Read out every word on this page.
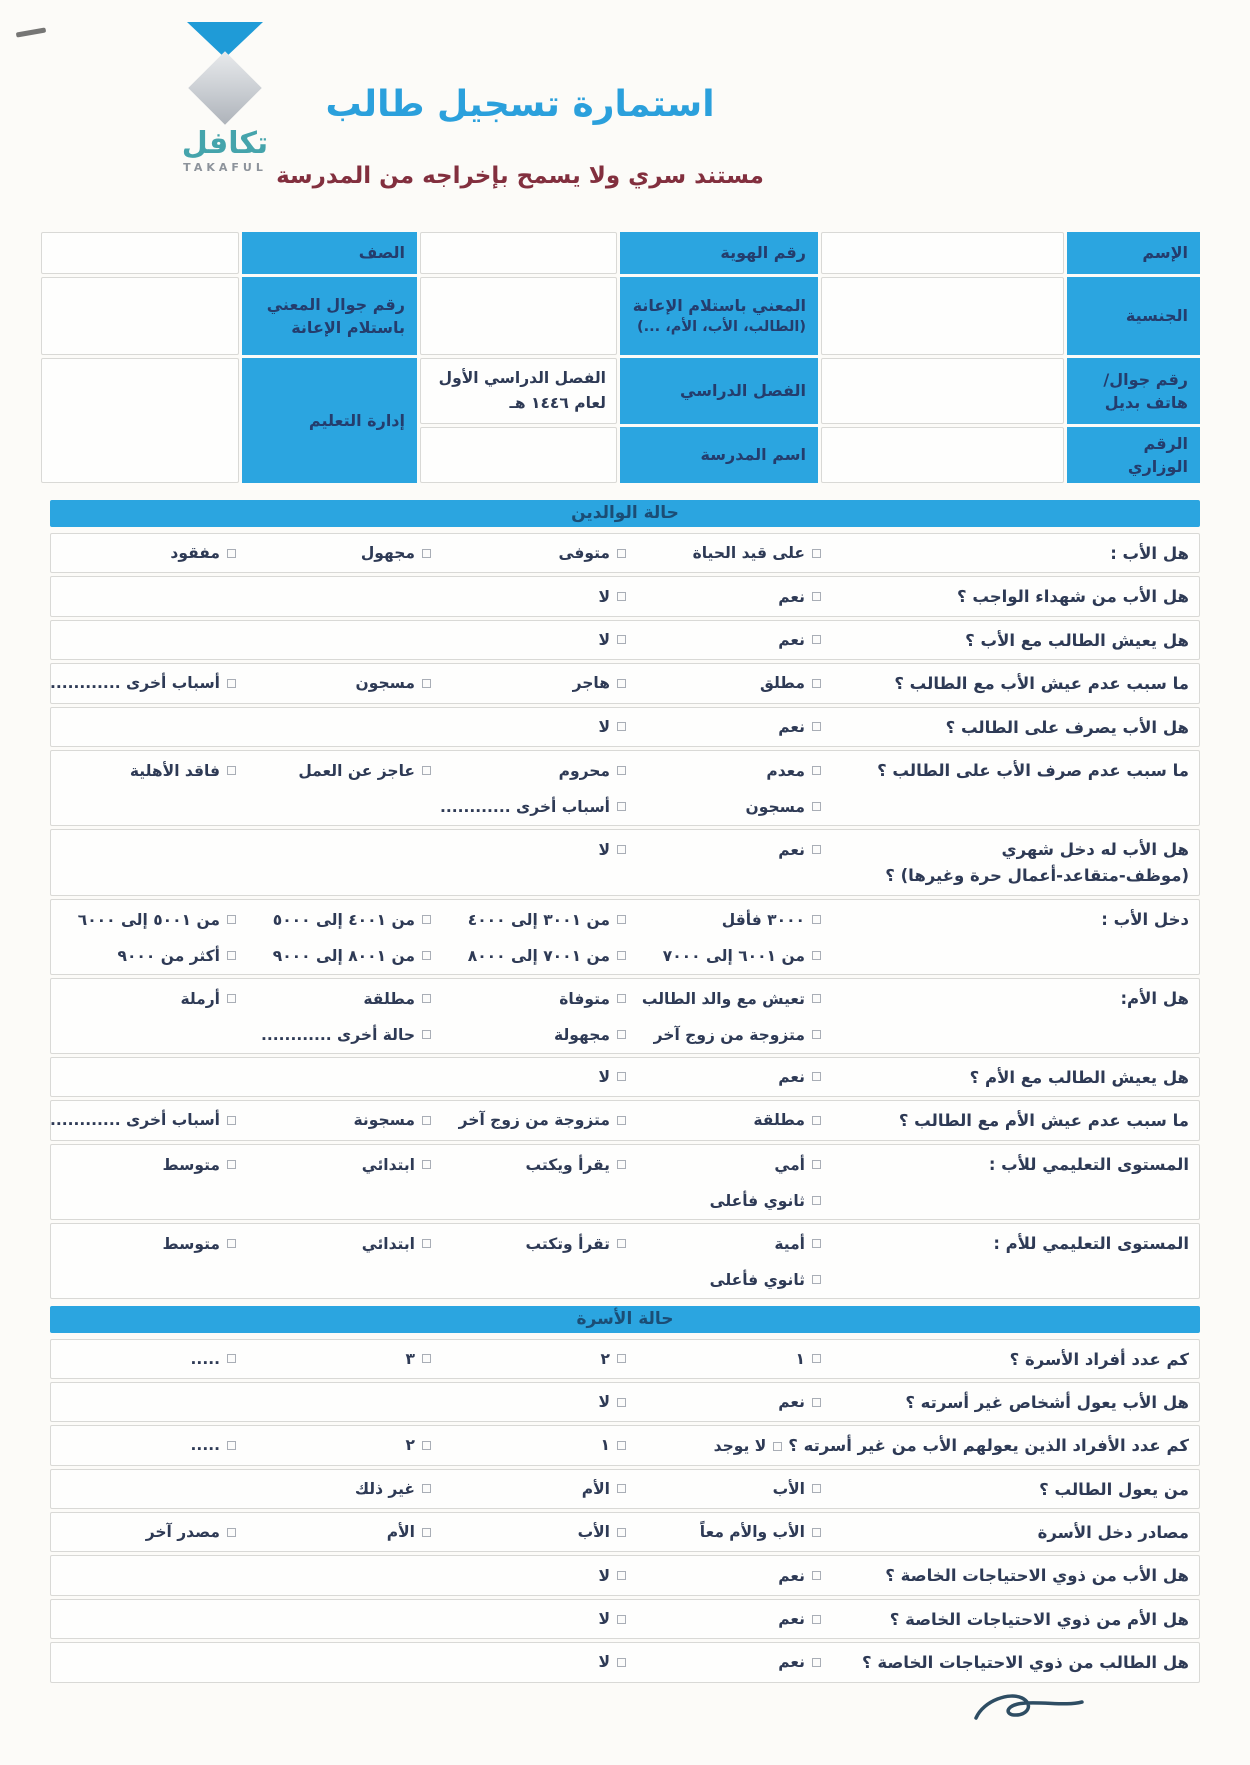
استمارة تسجيل طالب
مستند سري ولا يسمح بإخراجه من المدرسة
تكافل
TAKAFUL
الإسم
رقم الهوية
الصف
الجنسية
المعني باستلام الإعانة
(الطالب، الأب، الأم، ...)
رقم جوال المعني باستلام الإعانة
رقم جوال/هاتف بديل
الفصل الدراسي
الفصل الدراسي الأول لعام ١٤٤٦ هـ
إدارة التعليم
الرقم الوزاري
اسم المدرسة
حالة الوالدين
هل الأب :
على قيد الحياة
متوفى
مجهول
مفقود
هل الأب من شهداء الواجب ؟
نعم
لا
هل يعيش الطالب مع الأب ؟
نعم
لا
ما سبب عدم عيش الأب مع الطالب ؟
مطلق
هاجر
مسجون
أسباب أخرى ............
هل الأب يصرف على الطالب ؟
نعم
لا
ما سبب عدم صرف الأب على الطالب ؟
معدم
محروم
عاجز عن العمل
فاقد الأهلية
مسجون
أسباب أخرى ............
هل الأب له دخل شهري
(موظف-متقاعد-أعمال حرة وغيرها) ؟
نعم
لا
دخل الأب :
٣٠٠٠ فأقل
من ٣٠٠١ إلى ٤٠٠٠
من ٤٠٠١ إلى ٥٠٠٠
من ٥٠٠١ إلى ٦٠٠٠
من ٦٠٠١ إلى ٧٠٠٠
من ٧٠٠١ إلى ٨٠٠٠
من ٨٠٠١ إلى ٩٠٠٠
أكثر من ٩٠٠٠
هل الأم:
تعيش مع والد الطالب
متوفاة
مطلقة
أرملة
متزوجة من زوج آخر
مجهولة
حالة أخرى ............
هل يعيش الطالب مع الأم ؟
نعم
لا
ما سبب عدم عيش الأم مع الطالب ؟
مطلقة
متزوجة من زوج آخر
مسجونة
أسباب أخرى ............
المستوى التعليمي للأب :
أمي
يقرأ ويكتب
ابتدائي
متوسط
ثانوي فأعلى
المستوى التعليمي للأم :
أمية
تقرأ وتكتب
ابتدائي
متوسط
ثانوي فأعلى
حالة الأسرة
كم عدد أفراد الأسرة ؟
١
٢
٣
.....
هل الأب يعول أشخاص غير أسرته ؟
نعم
لا
كم عدد الأفراد الذين يعولهم الأب من غير أسرته ؟
لا يوجد
١
٢
.....
من يعول الطالب ؟
الأب
الأم
غير ذلك
مصادر دخل الأسرة
الأب والأم معاً
الأب
الأم
مصدر آخر
هل الأب من ذوي الاحتياجات الخاصة ؟
نعم
لا
هل الأم من ذوي الاحتياجات الخاصة ؟
نعم
لا
هل الطالب من ذوي الاحتياجات الخاصة ؟
نعم
لا
